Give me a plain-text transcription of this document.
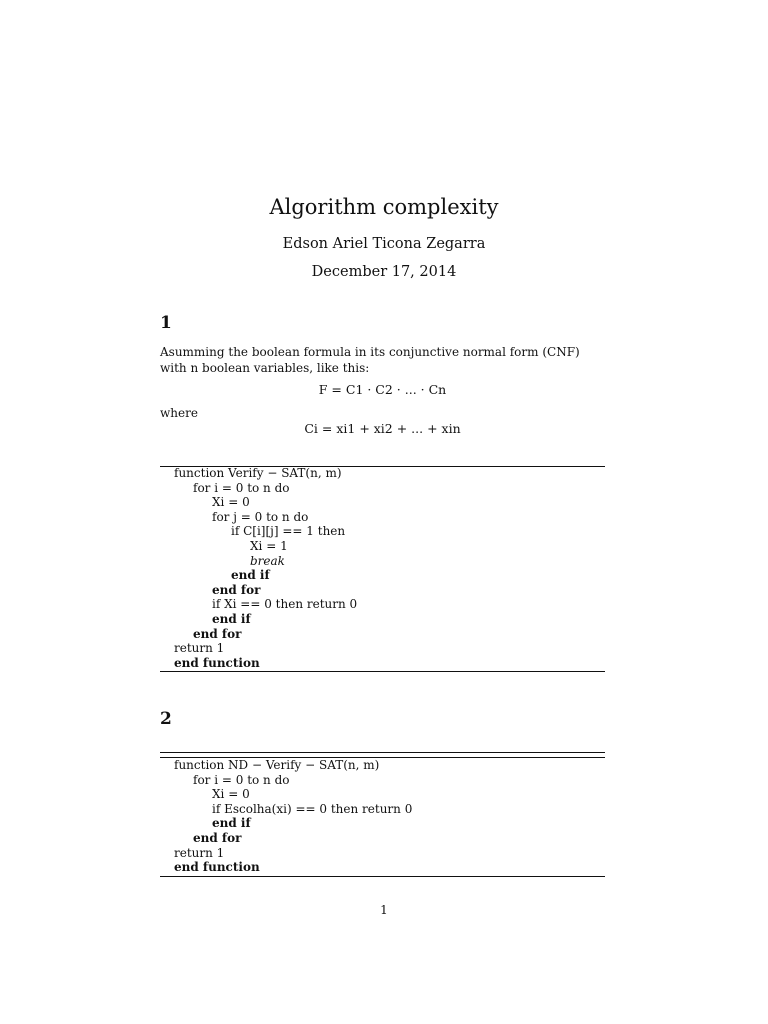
Algorithm complexity
Edson Ariel Ticona Zegarra
December 17, 2014
1
Asumming the boolean formula in its conjunctive normal form (CNF) with n boolean variables, like this:
F = C1 · C2 · ... · Cn
where
Ci = xi1 + xi2 + ... + xin
function Verify − SAT(n, m)
for i = 0 to n do
Xi = 0
for j = 0 to n do
if C[i][j] == 1 then
Xi = 1
break
end if
end for
if Xi == 0 then return 0
end if
end for
return 1
end function
2
function ND − Verify − SAT(n, m)
for i = 0 to n do
Xi = 0
if Escolha(xi) == 0 then return 0
end if
end for
return 1
end function
1
